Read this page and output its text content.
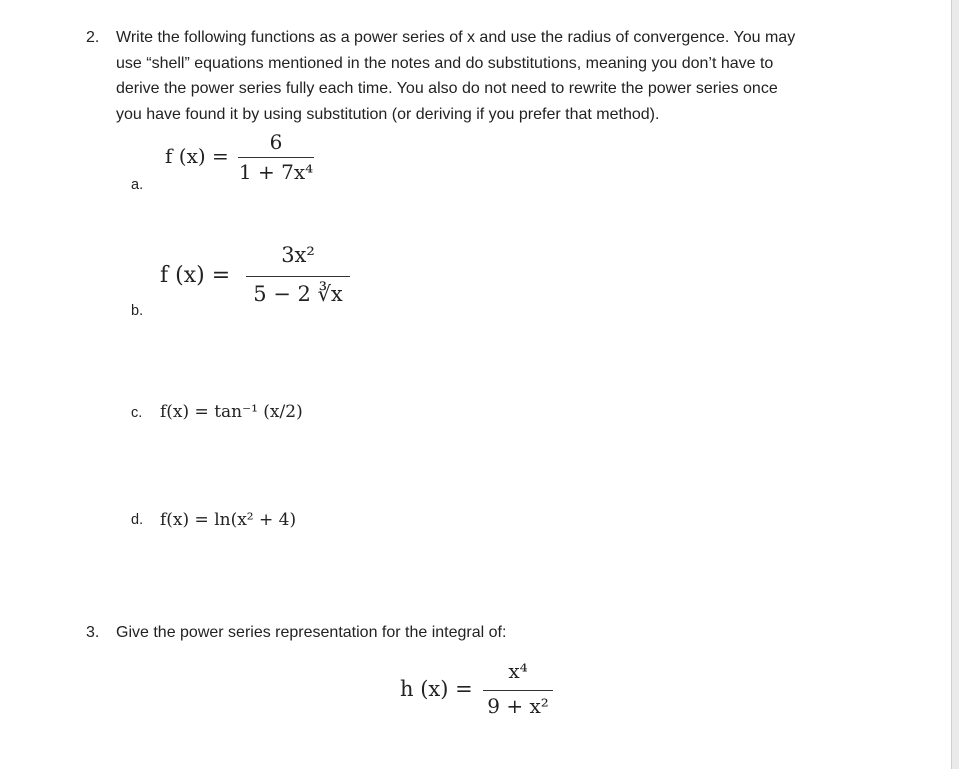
2. Write the following functions as a power series of x and use the radius of convergence. You may
use “shell” equations mentioned in the notes and do substitutions, meaning you don’t have to
derive the power series fully each time. You also do not need to rewrite the power series once
you have found it by using substitution (or deriving if you prefer that method).
a.
f (x) =
6
1 + 7x⁴
b.
f (x) =
3x²
5 − 2 ∛x
c. f(x) = tan⁻¹ (x/2)
d. f(x) = ln(x² + 4)
3. Give the power series representation for the integral of:
h (x) =
x⁴
9 + x²
